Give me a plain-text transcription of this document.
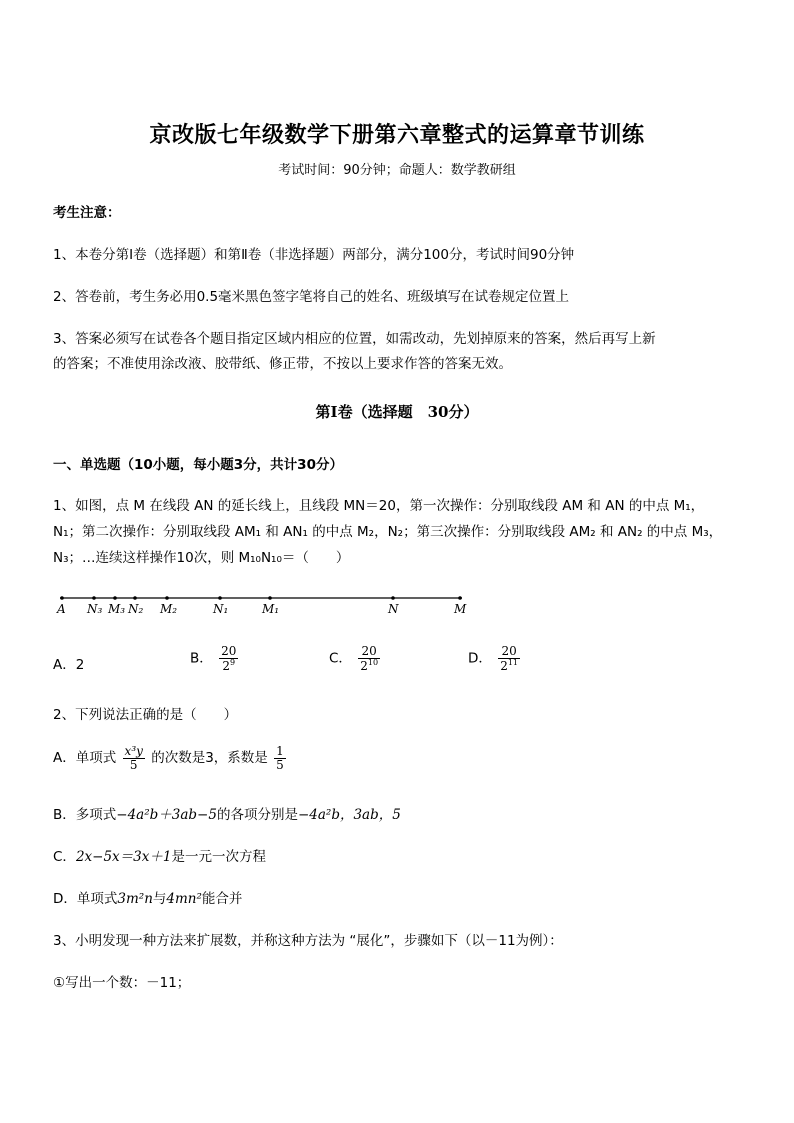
京改版七年级数学下册第六章整式的运算章节训练
考试时间：90分钟；命题人：数学教研组
考生注意：
1、本卷分第Ⅰ卷（选择题）和第Ⅱ卷（非选择题）两部分，满分100分，考试时间90分钟
2、答卷前，考生务必用0.5毫米黑色签字笔将自己的姓名、班级填写在试卷规定位置上
3、答案必须写在试卷各个题目指定区域内相应的位置，如需改动，先划掉原来的答案，然后再写上新
的答案；不准使用涂改液、胶带纸、修正带，不按以上要求作答的答案无效。
第Ⅰ卷（选择题　30分）
一、单选题（10小题，每小题3分，共计30分）
1、如图，点 M 在线段 AN 的延长线上，且线段 MN＝20，第一次操作：分别取线段 AM 和 AN 的中点 M₁，
N₁；第二次操作：分别取线段 AM₁ 和 AN₁ 的中点 M₂，N₂；第三次操作：分别取线段 AM₂ 和 AN₂ 的中点 M₃，
N₃；…连续这样操作10次，则 M₁₀N₁₀＝（　　）
A N₃ M₃ N₂ M₂	N₁	M₁	N	M
A．2	B． $\frac{20}{2^9}$	C． $\frac{20}{2^{10}}$	D． $\frac{20}{2^{11}}$
2、下列说法正确的是（　　）
A．单项式 $\frac{\text{x³y}}{5}$ 的次数是3，系数是 $\frac{1}{5}$
B．多项式−4a²b＋3ab−5的各项分别是−4a²b，3ab，5
C．2x−5x＝3x＋1是一元一次方程
D．单项式3m²n与4mn²能合并
3、小明发现一种方法来扩展数，并称这种方法为 “展化”，步骤如下（以－11为例）：
①写出一个数：－11；
